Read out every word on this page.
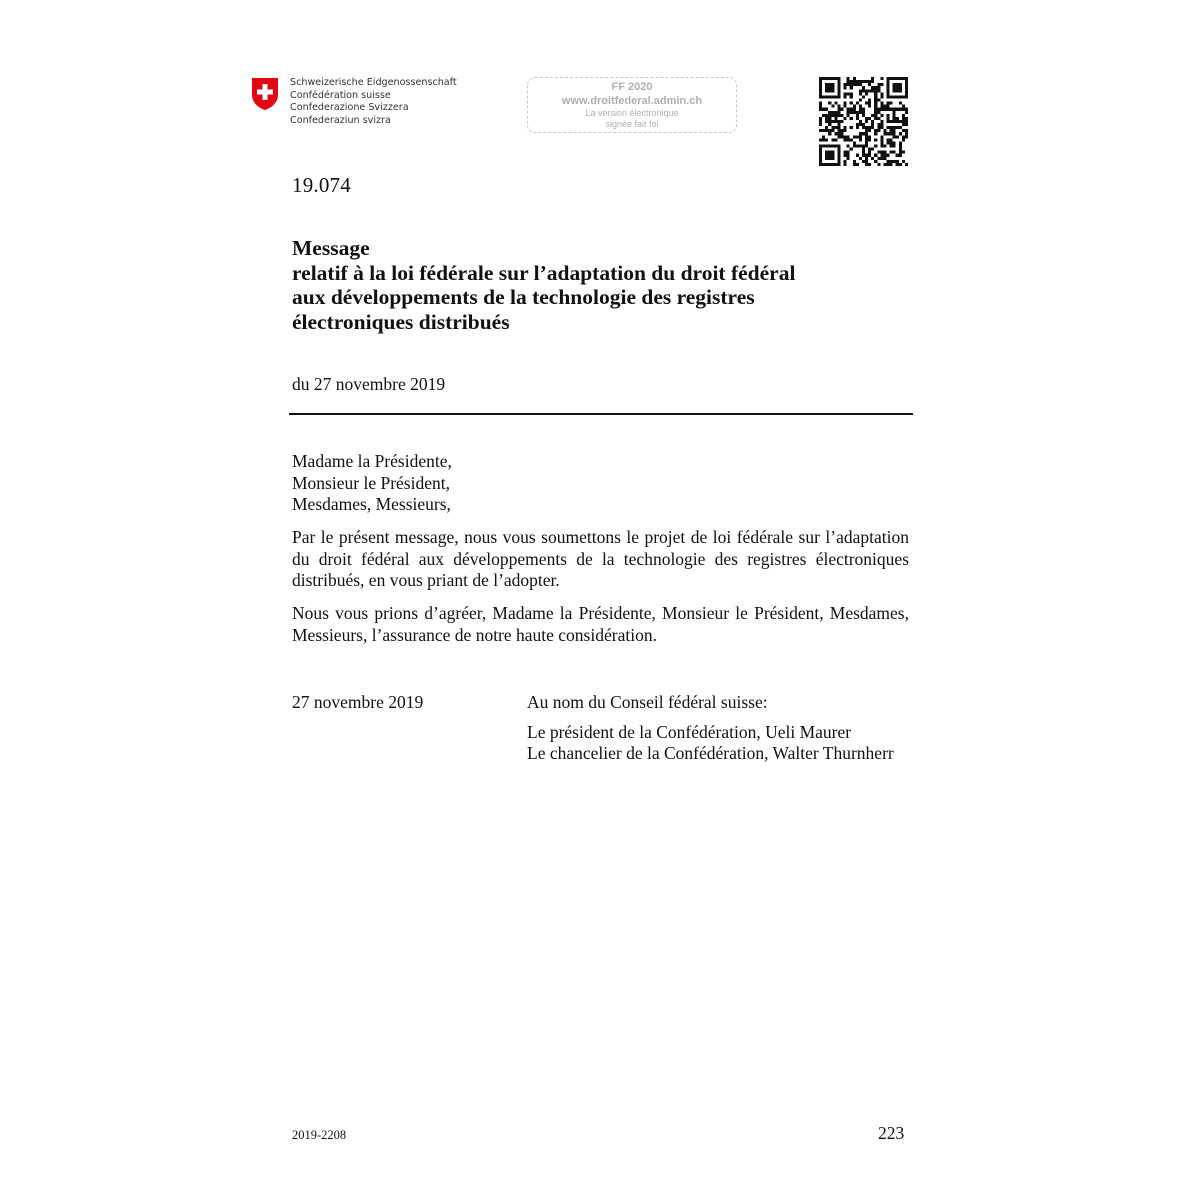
Schweizerische Eidgenossenschaft
Confédération suisse
Confederazione Svizzera
Confederaziun svizra
FF 2020
www.droitfederal.admin.ch
La version électronique
signée fait foi
19.074
Message
relatif à la loi fédérale sur l’adaptation du droit fédéral
aux développements de la technologie des registres
électroniques distribués
du 27 novembre 2019
Madame la Présidente,
Monsieur le Président,
Mesdames, Messieurs,
Par le présent message, nous vous soumettons le projet de loi fédérale sur l’adaptation du droit fédéral aux développements de la technologie des registres électroniques distribués, en vous priant de l’adopter.
Nous vous prions d’agréer, Madame la Présidente, Monsieur le Président, Mesdames, Messieurs, l’assurance de notre haute considération.
27 novembre 2019	Au nom du Conseil fédéral suisse:
Le président de la Confédération, Ueli Maurer
Le chancelier de la Confédération, Walter Thurnherr
2019-2208	223
